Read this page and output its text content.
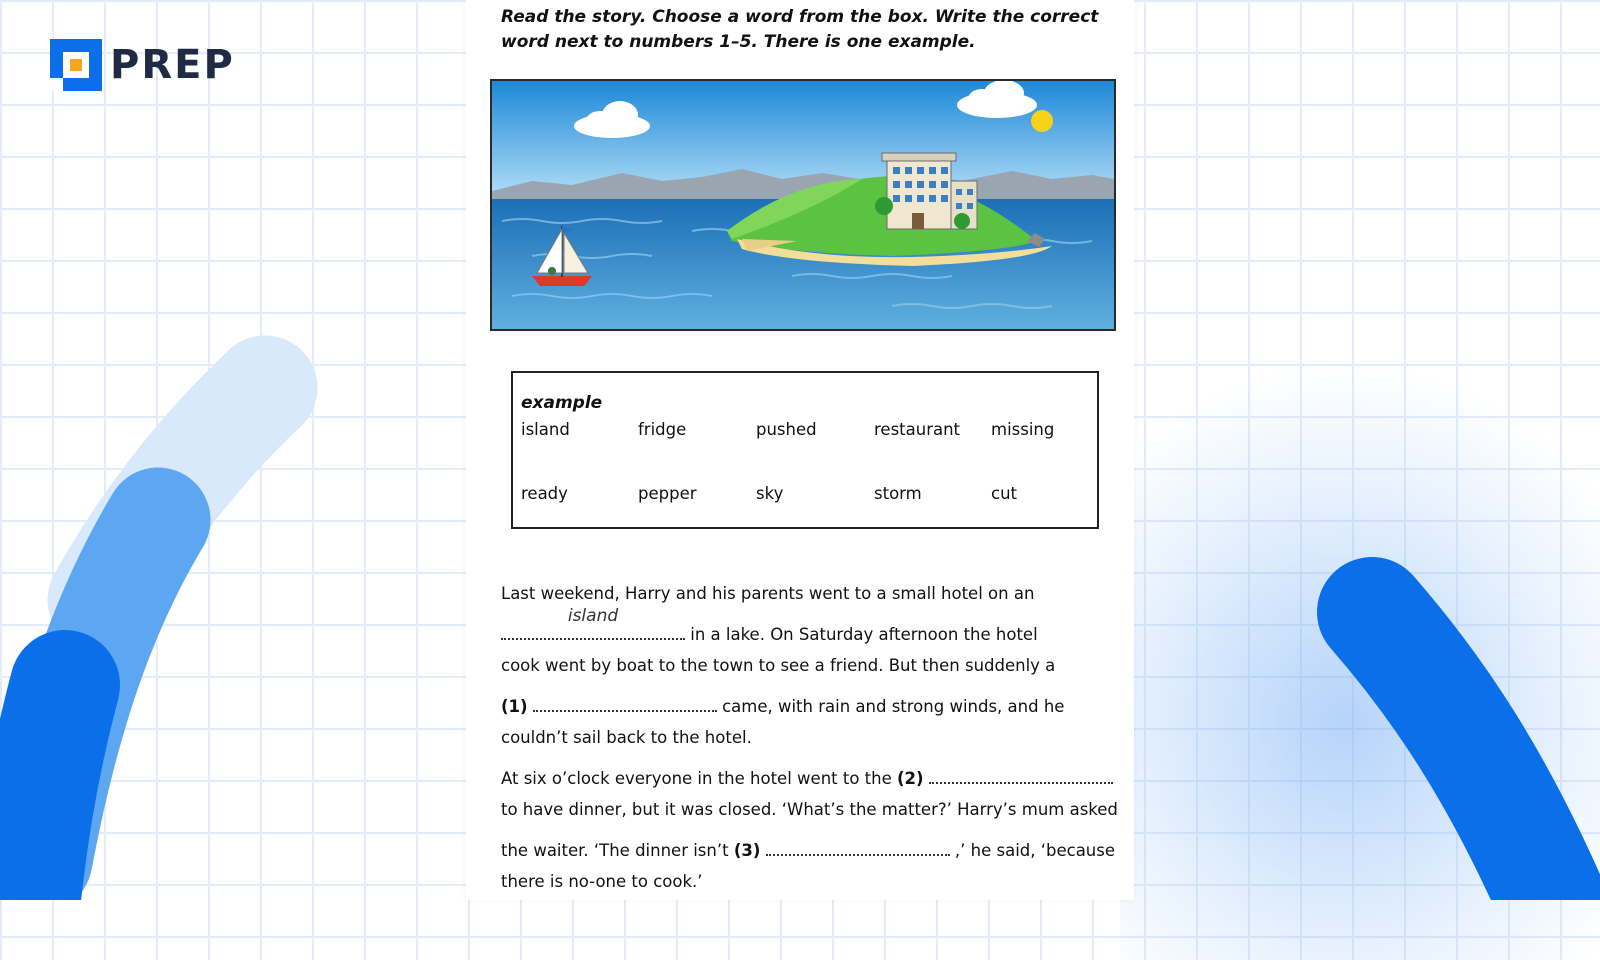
PREP
Read the story. Choose a word from the box. Write the correct word next to numbers 1–5. There is one example.
example
island	fridge	pushed	restaurant missing
ready	pepper	sky	storm	cut
Last weekend, Harry and his parents went to a small hotel on an
island
in a lake. On Saturday afternoon the hotel
cook went by boat to the town to see a friend. But then suddenly a
(1)	came, with rain and strong winds, and he
couldn’t sail back to the hotel.
At six o’clock everyone in the hotel went to the (2)
to have dinner, but it was closed. ‘What’s the matter?’ Harry’s mum asked
the waiter. ‘The dinner isn’t (3)	,’ he said, ‘because
there is no-one to cook.’
